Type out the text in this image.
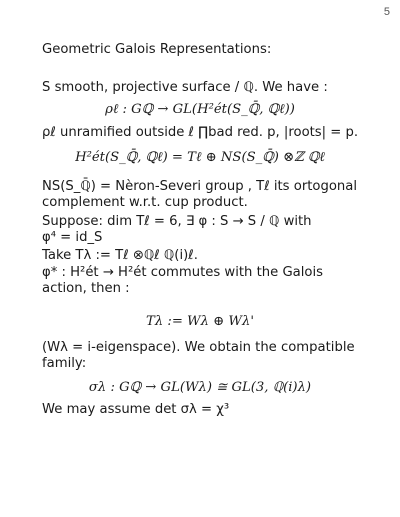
5
Geometric Galois Representations:
S smooth, projective surface / ℚ. We have :
ρℓ : Gℚ → GL(H²ét(S_ℚ̄, ℚℓ))
ρℓ unramified outside ℓ ∏bad red. p, |roots| = p.
H²ét(S_ℚ̄, ℚℓ) = Tℓ ⊕ NS(S_ℚ̄) ⊗ℤ ℚℓ
NS(S_ℚ̄) = Nèron-Severi group , Tℓ its ortogonal complement w.r.t. cup product.
Suppose: dim Tℓ = 6, ∃ φ : S → S / ℚ with
φ⁴ = id_S
Take Tλ := Tℓ ⊗ℚℓ ℚ(i)ℓ.
φ* : H²ét → H²ét commutes with the Galois action, then :
Tλ := Wλ ⊕ Wλ'
(Wλ = i-eigenspace). We obtain the compatible family:
σλ : Gℚ → GL(Wλ) ≅ GL(3, ℚ(i)λ)
We may assume det σλ = χ³
